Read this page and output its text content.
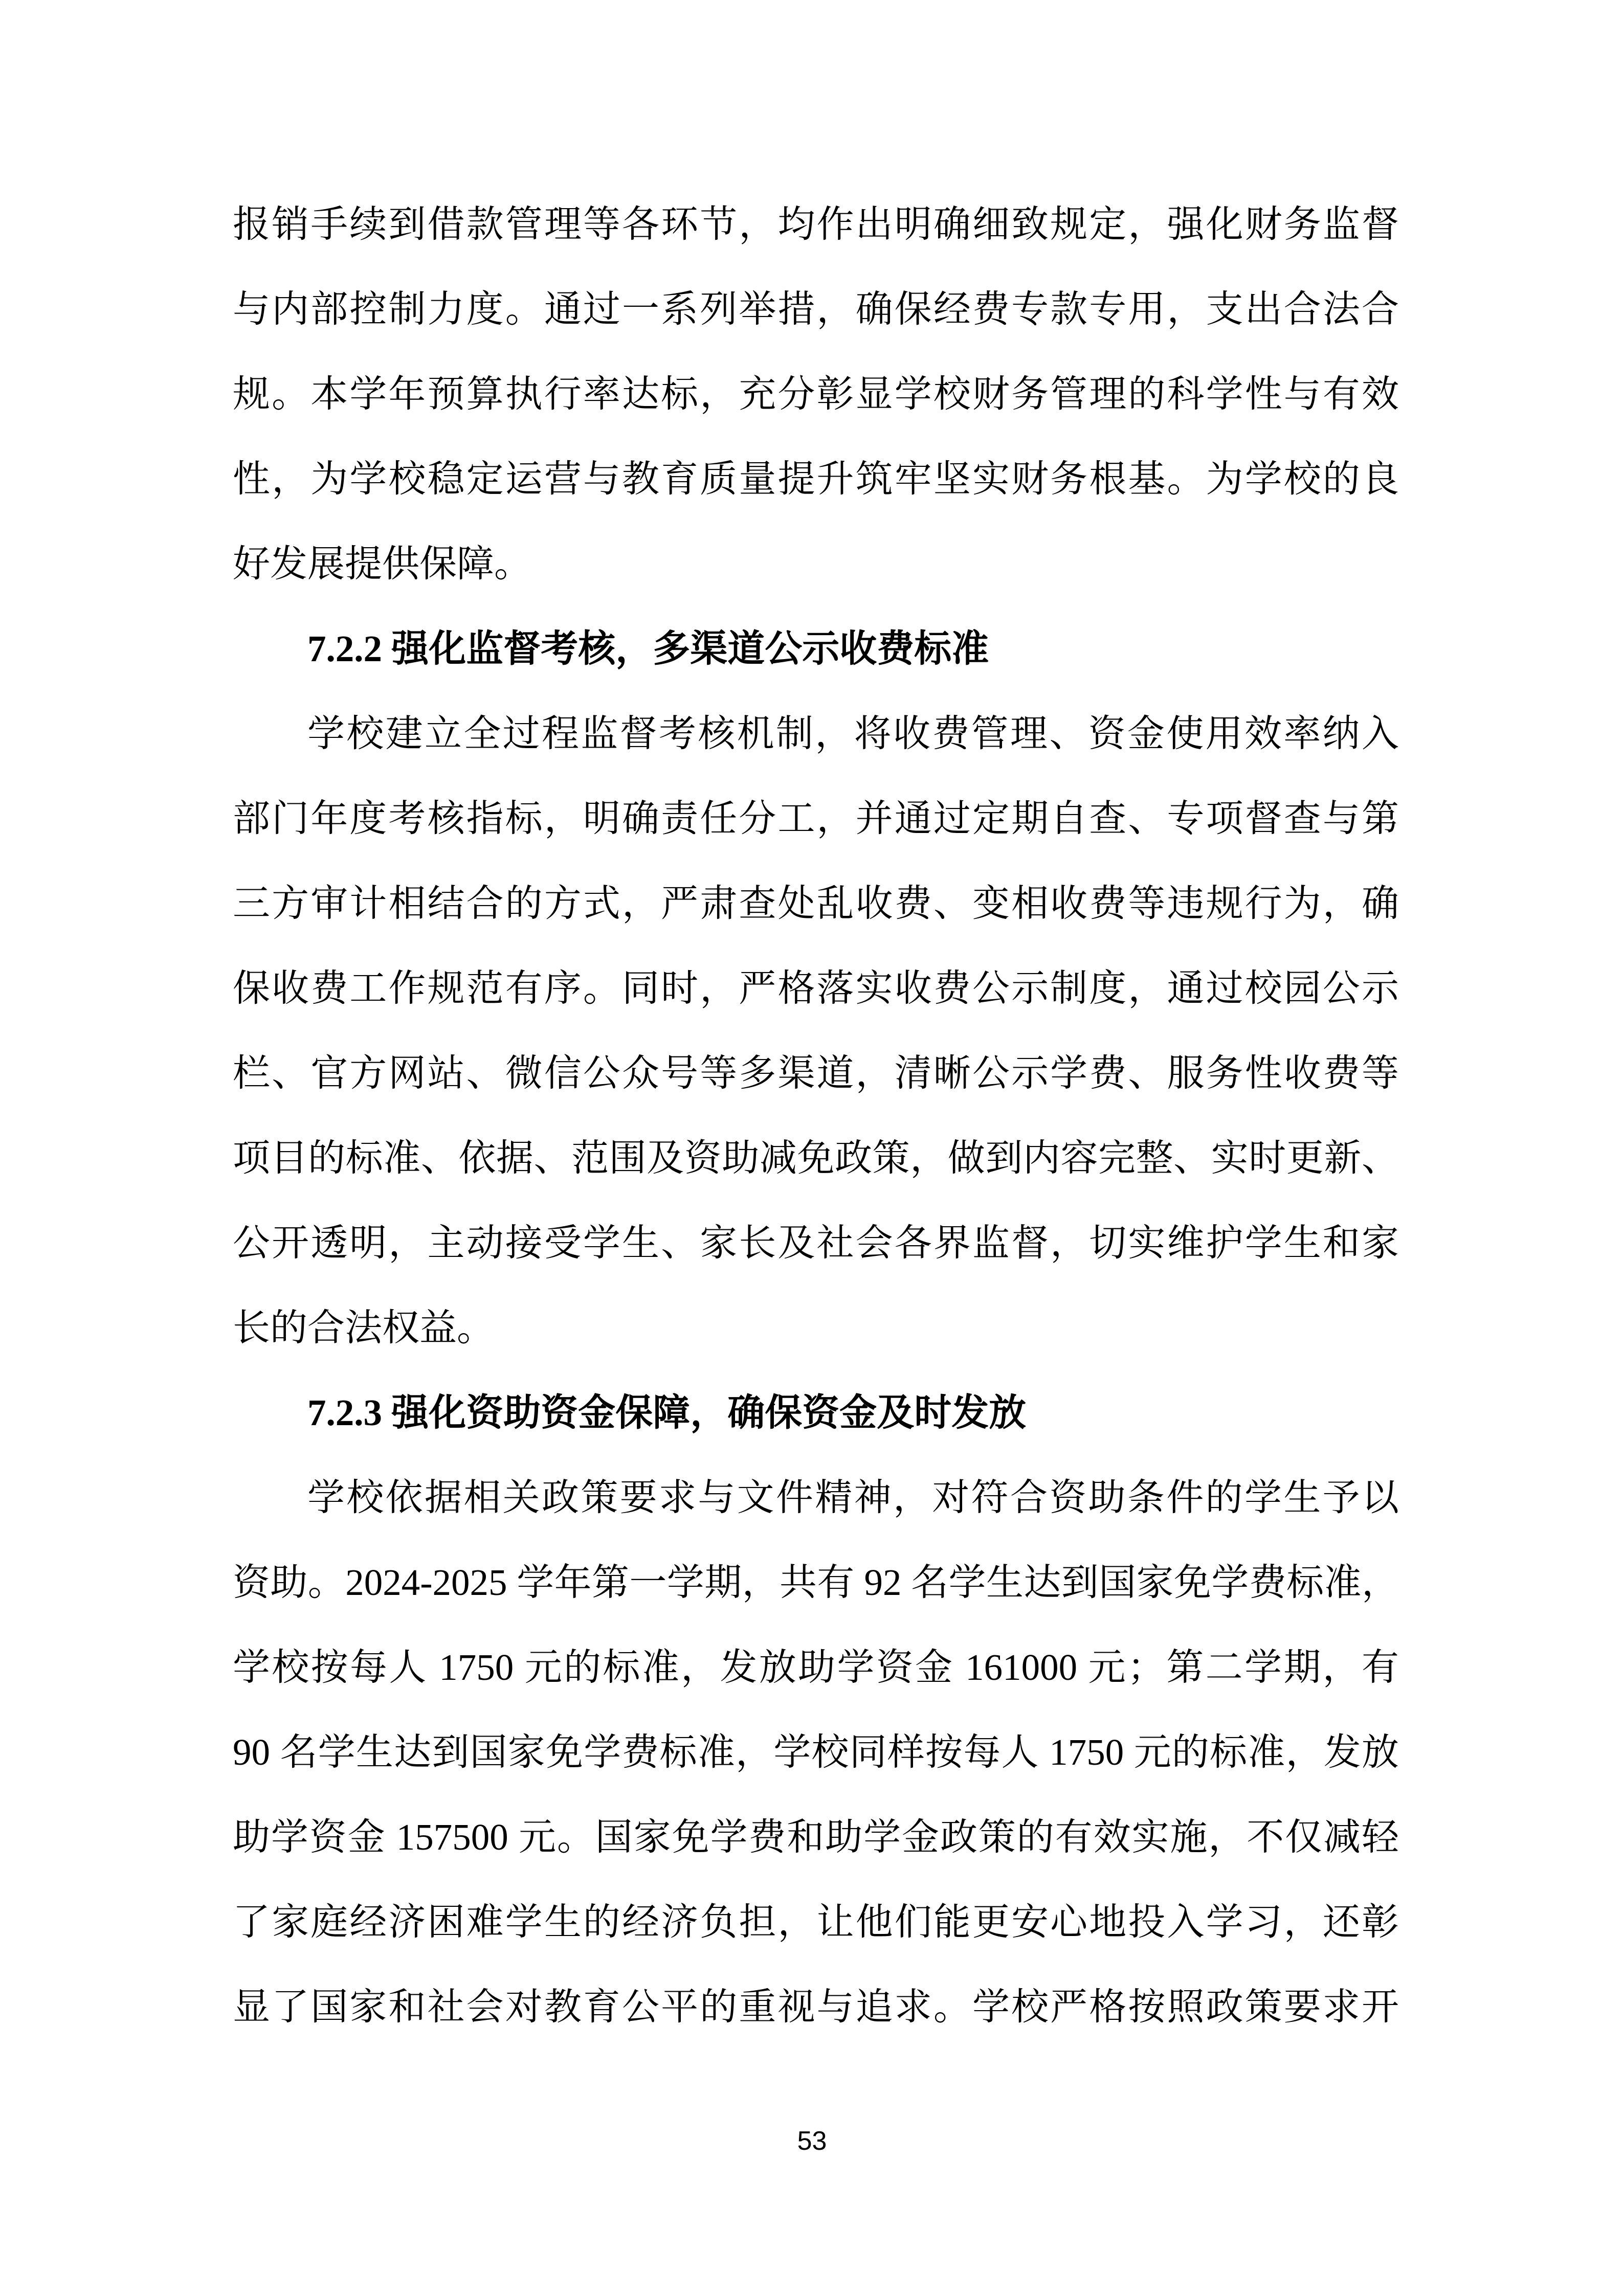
报销手续到借款管理等各环节，均作出明确细致规定，强化财务监督

与内部控制力度。通过一系列举措，确保经费专款专用，支出合法合

规。本学年预算执行率达标，充分彰显学校财务管理的科学性与有效

性，为学校稳定运营与教育质量提升筑牢坚实财务根基。为学校的良

好发展提供保障。

7.2.2 强化监督考核，多渠道公示收费标准

学校建立全过程监督考核机制，将收费管理、资金使用效率纳入

部门年度考核指标，明确责任分工，并通过定期自查、专项督查与第

三方审计相结合的方式，严肃查处乱收费、变相收费等违规行为，确

保收费工作规范有序。同时，严格落实收费公示制度，通过校园公示

栏、官方网站、微信公众号等多渠道，清晰公示学费、服务性收费等

项目的标准、依据、范围及资助减免政策，做到内容完整、实时更新、

公开透明，主动接受学生、家长及社会各界监督，切实维护学生和家

长的合法权益。

7.2.3 强化资助资金保障，确保资金及时发放

学校依据相关政策要求与文件精神，对符合资助条件的学生予以

资助。2024-2025 学年第一学期，共有 92 名学生达到国家免学费标准，

学校按每人 1750 元的标准，发放助学资金 161000 元；第二学期，有

90 名学生达到国家免学费标准，学校同样按每人 1750 元的标准，发放

助学资金 157500 元。国家免学费和助学金政策的有效实施，不仅减轻

了家庭经济困难学生的经济负担，让他们能更安心地投入学习，还彰

显了国家和社会对教育公平的重视与追求。学校严格按照政策要求开

53
